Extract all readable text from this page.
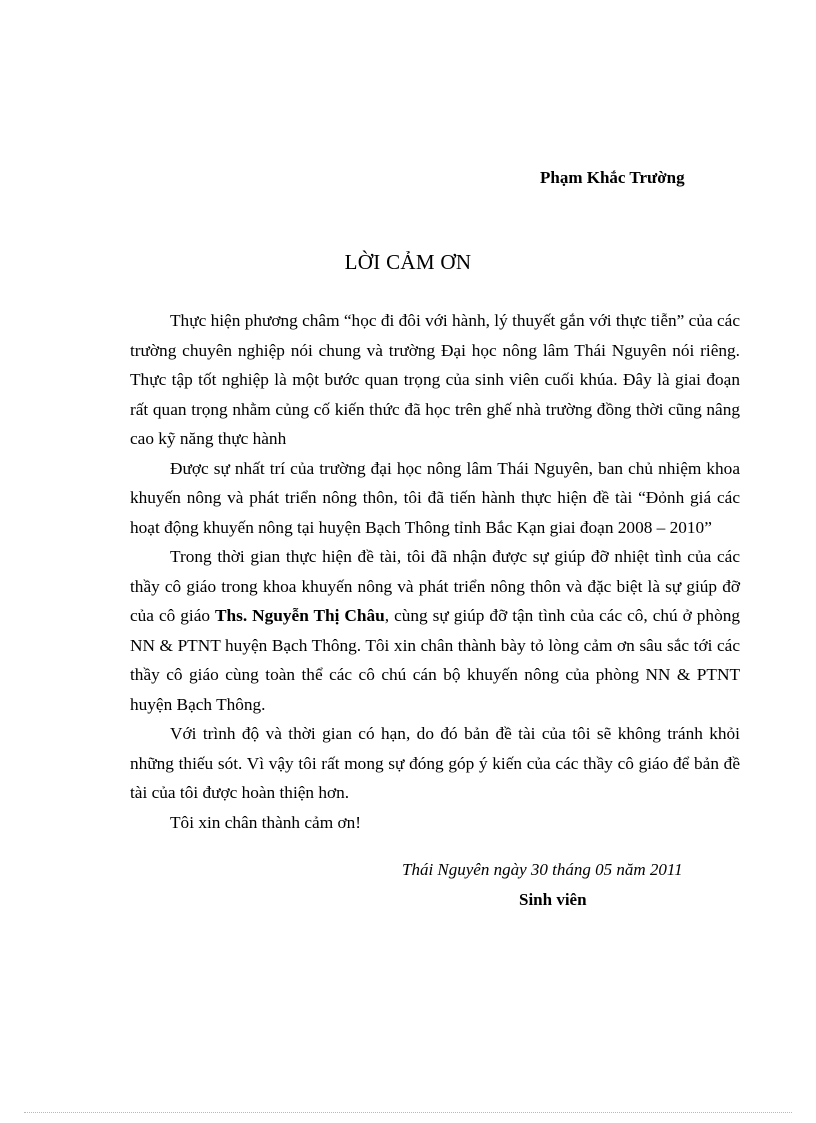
Phạm Khắc Trường
LỜI CẢM ƠN

Thực hiện phương châm “học đi đôi với hành, lý thuyết gắn với thực tiễn” của các trường chuyên nghiệp nói chung và trường Đại học nông lâm Thái Nguyên nói riêng. Thực tập tốt nghiệp là một bước quan trọng của sinh viên cuối khúa. Đây là giai đoạn rất quan trọng nhằm củng cố kiến thức đã học trên ghế nhà trường đồng thời cũng nâng cao kỹ năng thực hành

Được sự nhất trí của trường đại học nông lâm Thái Nguyên, ban chủ nhiệm khoa khuyến nông và phát triển nông thôn, tôi đã tiến hành thực hiện đề tài “Đỏnh giá các hoạt động khuyến nông tại huyện Bạch Thông tỉnh Bắc Kạn giai đoạn 2008 – 2010”

Trong thời gian thực hiện đề tài, tôi đã nhận được sự giúp đỡ nhiệt tình của các thầy cô giáo trong khoa khuyến nông và phát triển nông thôn và đặc biệt là sự giúp đỡ của cô giáo Ths. Nguyễn Thị Châu, cùng sự giúp đỡ tận tình của các cô, chú ở phòng NN & PTNT huyện Bạch Thông. Tôi xin chân thành bày tỏ lòng cảm ơn sâu sắc tới các thầy cô giáo cùng toàn thể các cô chú cán bộ khuyến nông của phòng NN & PTNT huyện Bạch Thông.

Với trình độ và thời gian có hạn, do đó bản đề tài của tôi sẽ không tránh khỏi những thiếu sót. Vì vậy tôi rất mong sự đóng góp ý kiến của các thầy cô giáo để bản đề tài của tôi được hoàn thiện hơn.

Tôi xin chân thành cảm ơn!

Thái Nguyên ngày 30 tháng 05 năm 2011
Sinh viên
